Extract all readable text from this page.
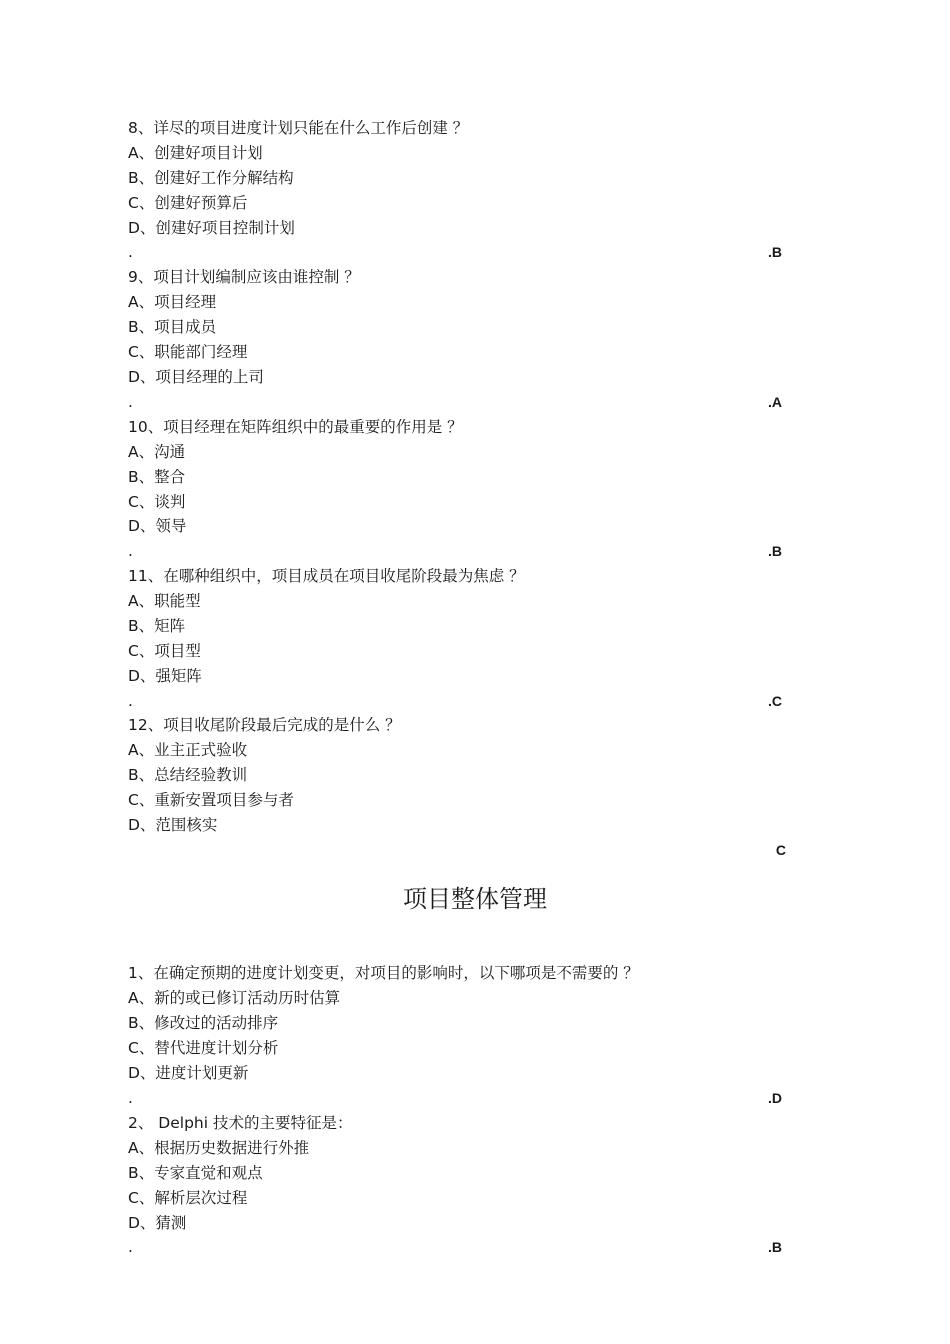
8、详尽的项目进度计划只能在什么工作后创建 ？
A、创建好项目计划
B、创建好工作分解结构
C、创建好预算后
D、创建好项目控制计划
.	.B
9、项目计划编制应该由谁控制 ？
A、项目经理
B、项目成员
C、职能部门经理
D、项目经理的上司
.	.A
10、项目经理在矩阵组织中的最重要的作用是 ？
A、沟通
B、整合
C、谈判
D、领导
.	.B
11、在哪种组织中，项目成员在项目收尾阶段最为焦虑 ？
A、职能型
B、矩阵
C、项目型
D、强矩阵
.	.C
12、项目收尾阶段最后完成的是什么 ？
A、业主正式验收
B、总结经验教训
C、重新安置项目参与者
D、范围核实
C
项目整体管理
1、在确定预期的进度计划变更，对项目的影响时，以下哪项是不需要的 ？
A、新的或已修订活动历时估算
B、修改过的活动排序
C、替代进度计划分析
D、进度计划更新
.	.D
2、 Delphi 技术的主要特征是：
A、根据历史数据进行外推
B、专家直觉和观点
C、解析层次过程
D、猜测
.	.B
